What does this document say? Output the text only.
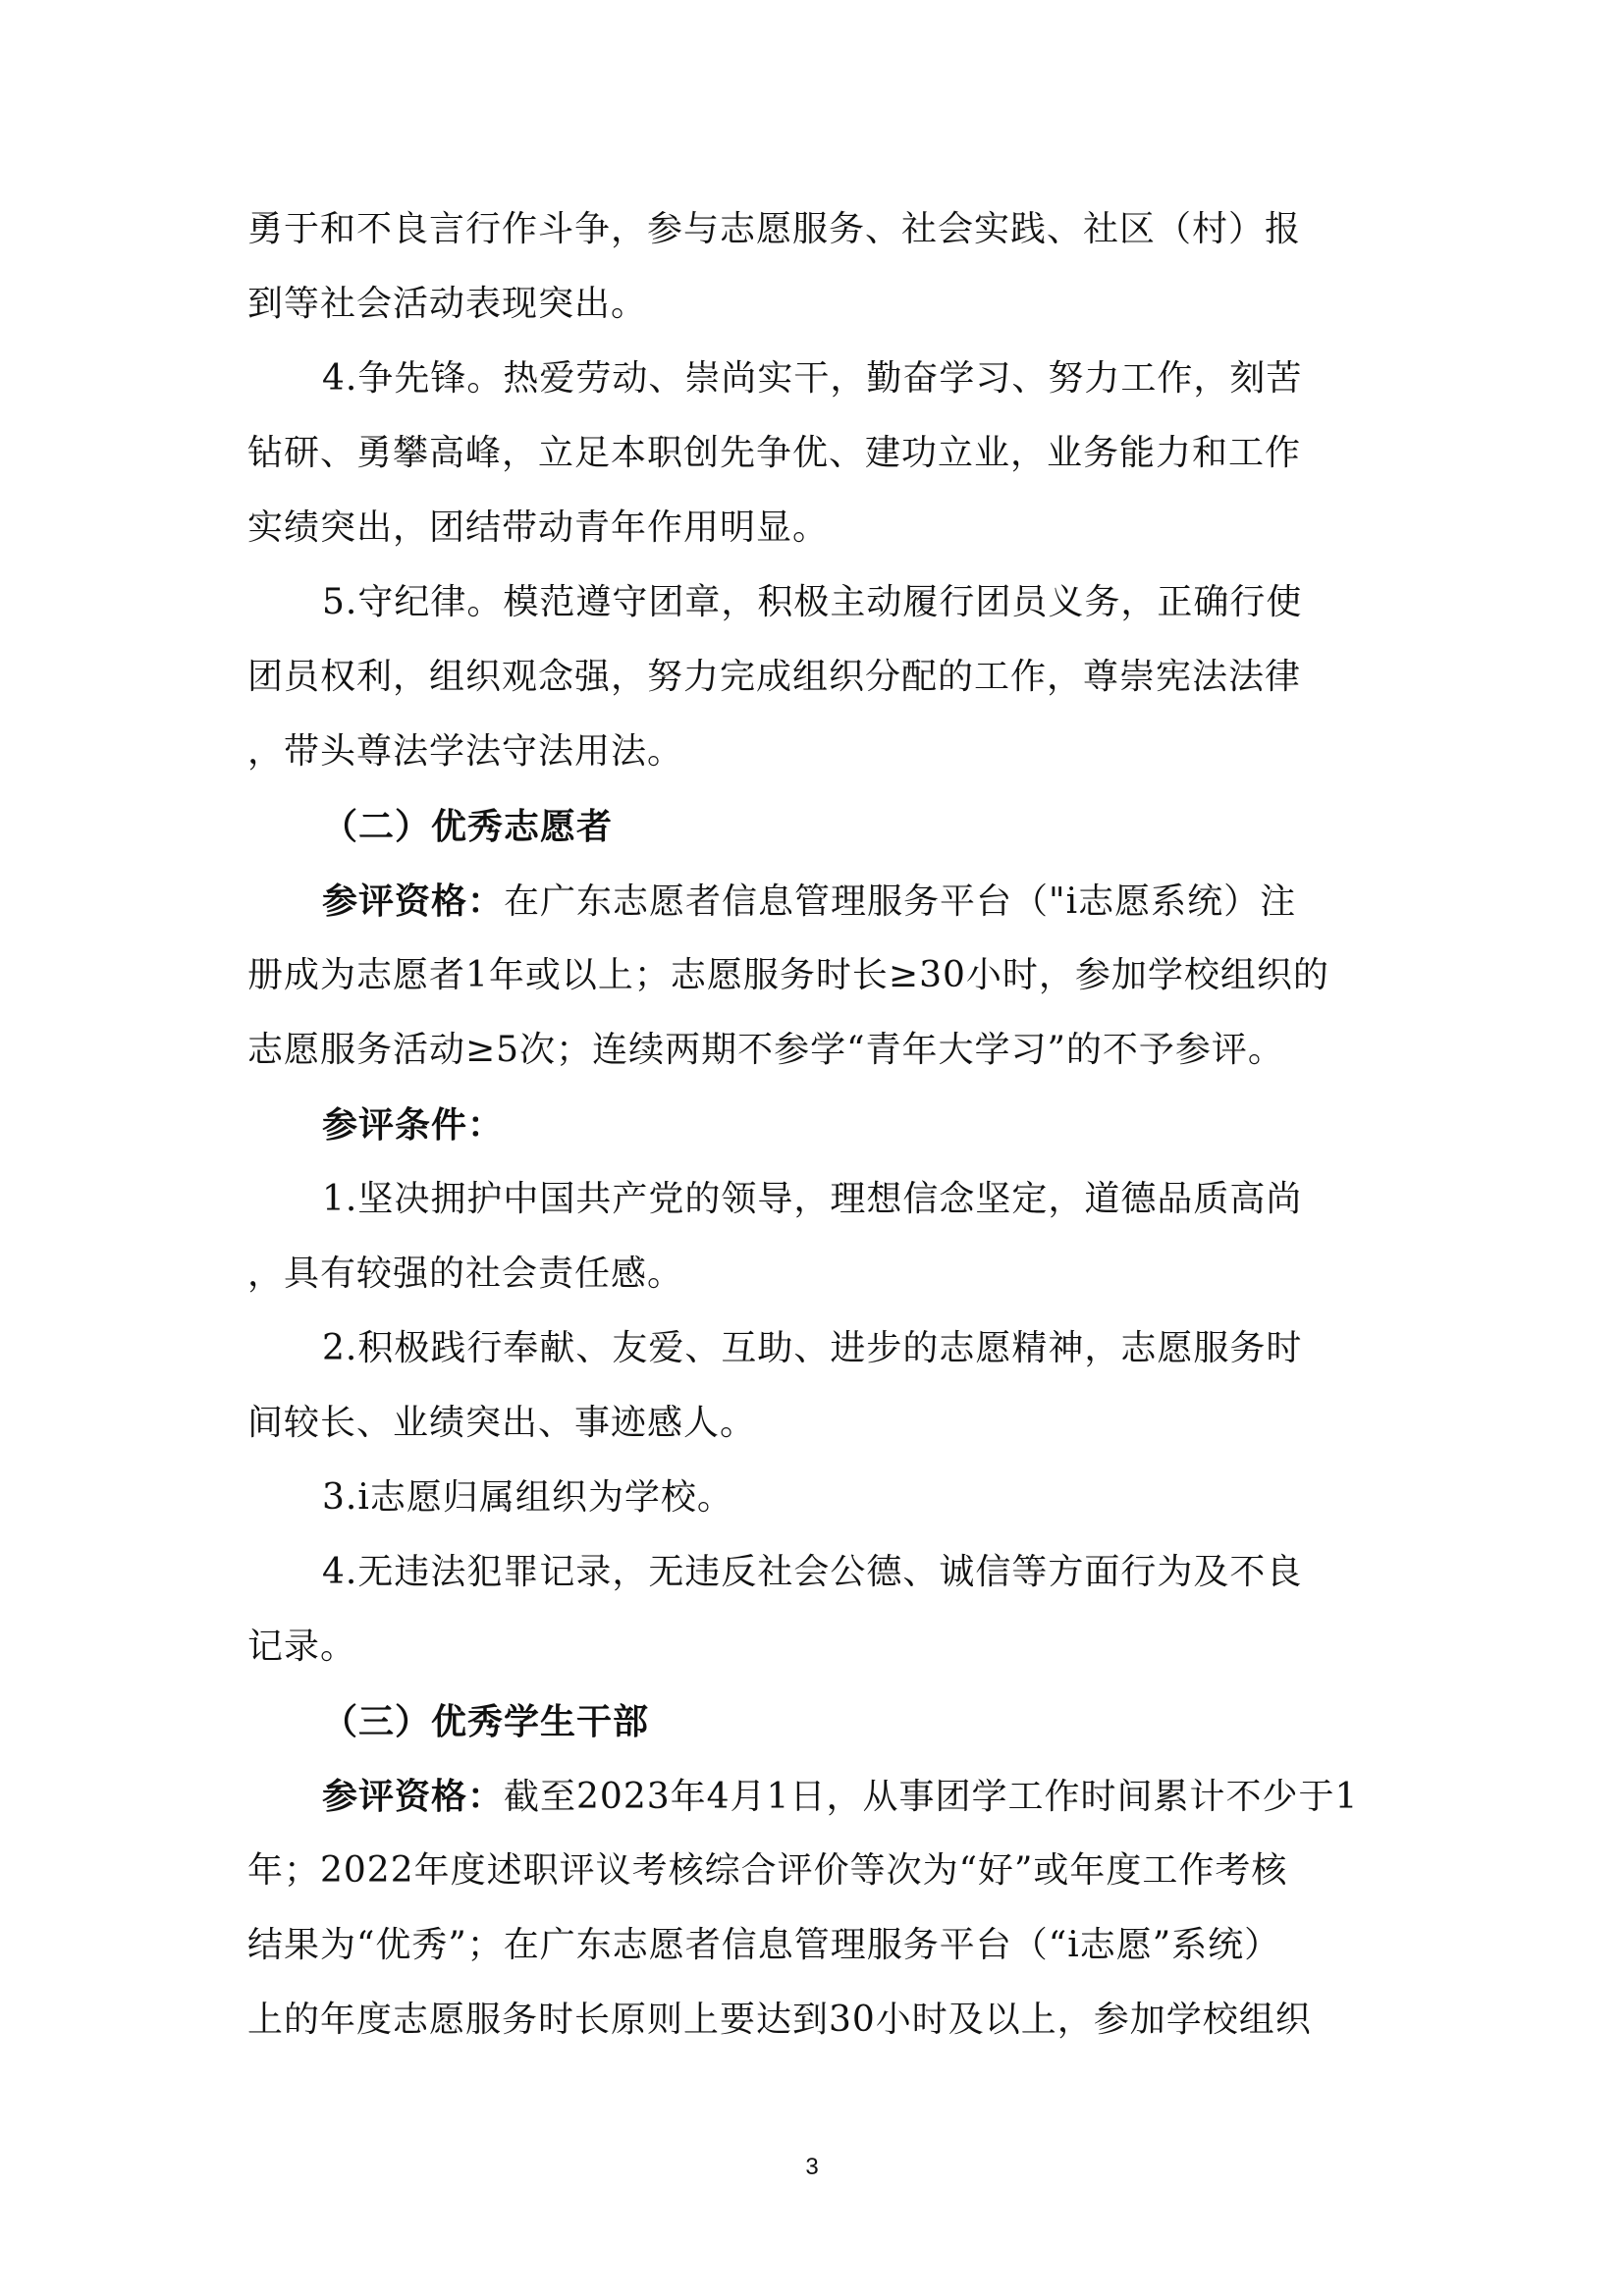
勇于和不良言行作斗争，参与志愿服务、社会实践、社区（村）报
到等社会活动表现突出。
4.争先锋。热爱劳动、崇尚实干，勤奋学习、努力工作，刻苦
钻研、勇攀高峰，立足本职创先争优、建功立业，业务能力和工作
实绩突出，团结带动青年作用明显。
5.守纪律。模范遵守团章，积极主动履行团员义务，正确行使
团员权利，组织观念强，努力完成组织分配的工作，尊崇宪法法律
，带头尊法学法守法用法。
（二）优秀志愿者
参评资格：在广东志愿者信息管理服务平台（"i志愿系统）注
册成为志愿者1年或以上；志愿服务时长≥30小时，参加学校组织的
志愿服务活动≥5次；连续两期不参学“青年大学习”的不予参评。
参评条件：
1.坚决拥护中国共产党的领导，理想信念坚定，道德品质高尚
，具有较强的社会责任感。
2.积极践行奉献、友爱、互助、进步的志愿精神，志愿服务时
间较长、业绩突出、事迹感人。
3.i志愿归属组织为学校。
4.无违法犯罪记录，无违反社会公德、诚信等方面行为及不良
记录。
（三）优秀学生干部
参评资格：截至2023年4月1日，从事团学工作时间累计不少于1
年；2022年度述职评议考核综合评价等次为“好”或年度工作考核
结果为“优秀”；在广东志愿者信息管理服务平台（“i志愿”系统）
上的年度志愿服务时长原则上要达到30小时及以上，参加学校组织
3
